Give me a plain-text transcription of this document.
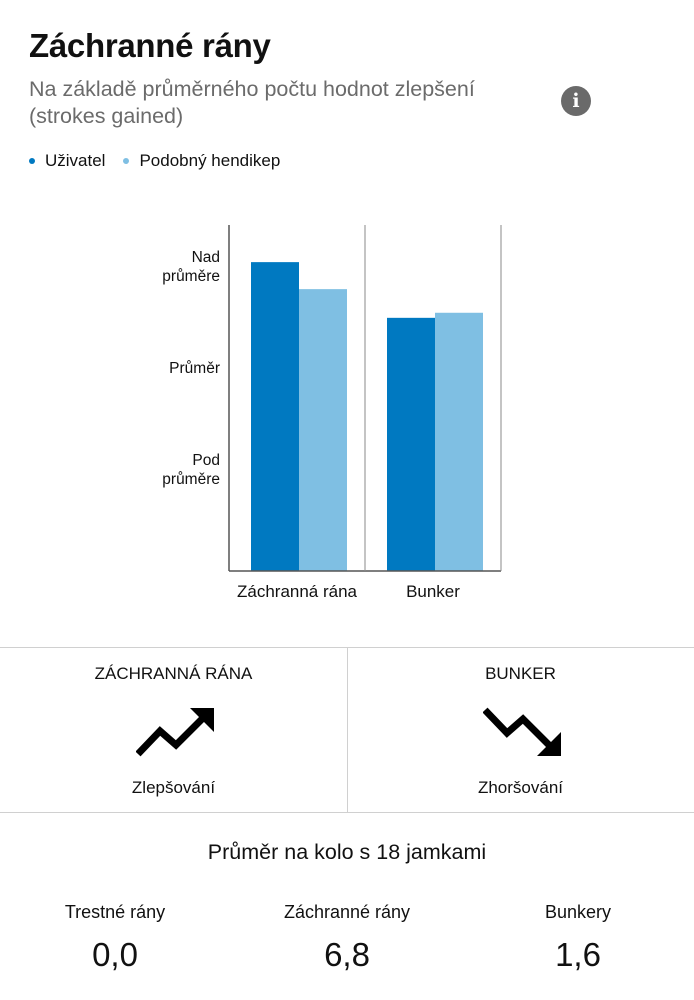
Záchranné rány
Na základě průměrného počtu hodnot zlepšení (strokes gained)
i
Uživatel Podobný hendikep
Nad
průměre
Průměr
Pod
průměre
Záchranná rána	Bunker
ZÁCHRANNÁ RÁNA
Zlepšování
BUNKER
Zhoršování
Průměr na kolo s 18 jamkami
Trestné rány
0,0
Záchranné rány
6,8
Bunkery
1,6
